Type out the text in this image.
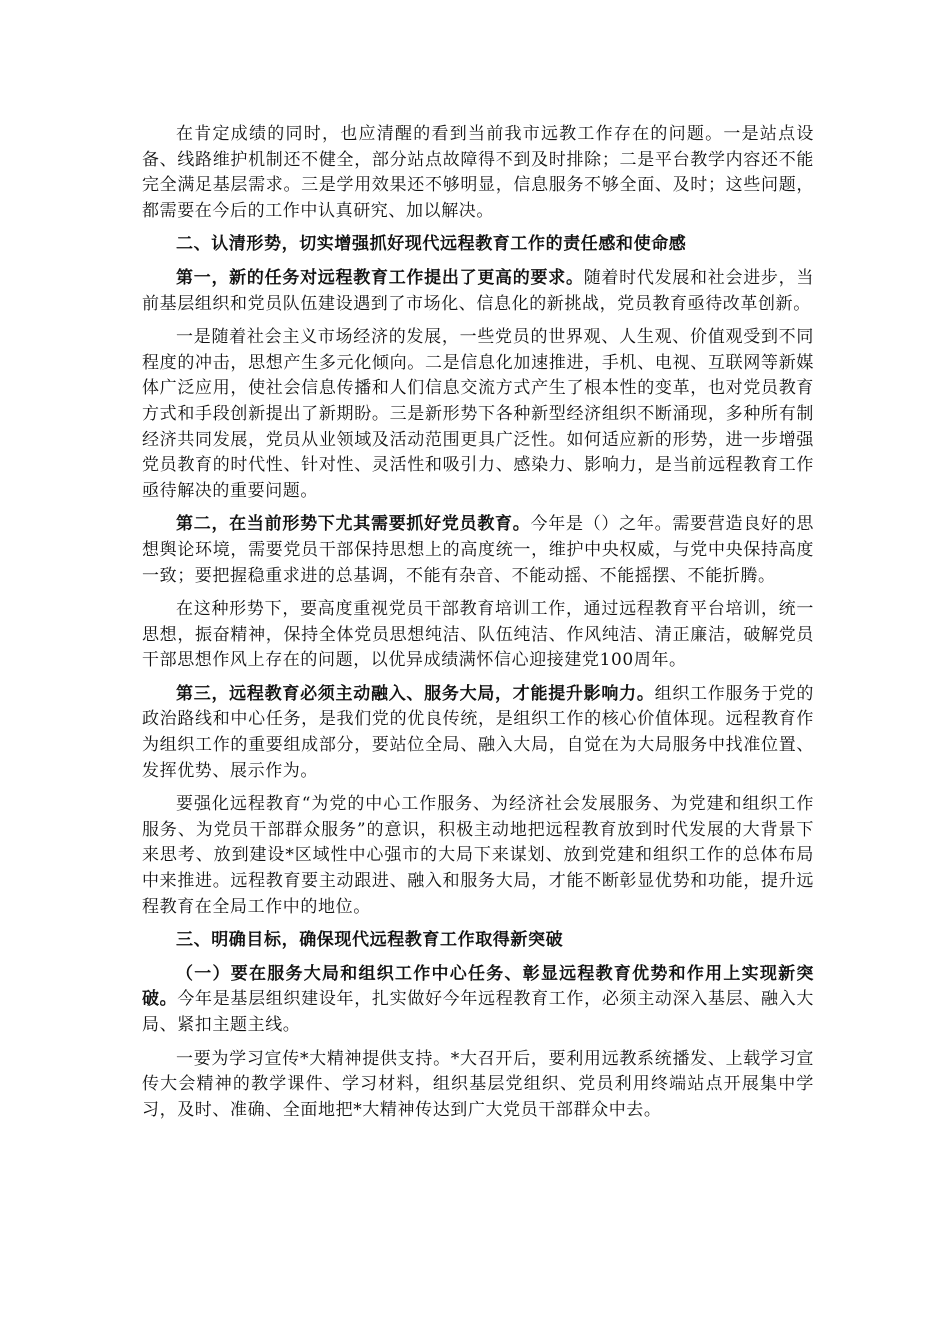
在肯定成绩的同时，也应清醒的看到当前我市远教工作存在的问题。一是站点设备、线路维护机制还不健全，部分站点故障得不到及时排除；二是平台教学内容还不能完全满足基层需求。三是学用效果还不够明显，信息服务不够全面、及时；这些问题，都需要在今后的工作中认真研究、加以解决。

二、认清形势，切实增强抓好现代远程教育工作的责任感和使命感

第一，新的任务对远程教育工作提出了更高的要求。随着时代发展和社会进步，当前基层组织和党员队伍建设遇到了市场化、信息化的新挑战，党员教育亟待改革创新。

一是随着社会主义市场经济的发展，一些党员的世界观、人生观、价值观受到不同程度的冲击，思想产生多元化倾向。二是信息化加速推进，手机、电视、互联网等新媒体广泛应用，使社会信息传播和人们信息交流方式产生了根本性的变革，也对党员教育方式和手段创新提出了新期盼。三是新形势下各种新型经济组织不断涌现，多种所有制经济共同发展，党员从业领域及活动范围更具广泛性。如何适应新的形势，进一步增强党员教育的时代性、针对性、灵活性和吸引力、感染力、影响力，是当前远程教育工作亟待解决的重要问题。

第二，在当前形势下尤其需要抓好党员教育。今年是（）之年。需要营造良好的思想舆论环境，需要党员干部保持思想上的高度统一，维护中央权威，与党中央保持高度一致；要把握稳重求进的总基调，不能有杂音、不能动摇、不能摇摆、不能折腾。

在这种形势下，要高度重视党员干部教育培训工作，通过远程教育平台培训，统一思想，振奋精神，保持全体党员思想纯洁、队伍纯洁、作风纯洁、清正廉洁，破解党员干部思想作风上存在的问题，以优异成绩满怀信心迎接建党100周年。

第三，远程教育必须主动融入、服务大局，才能提升影响力。组织工作服务于党的政治路线和中心任务，是我们党的优良传统，是组织工作的核心价值体现。远程教育作为组织工作的重要组成部分，要站位全局、融入大局，自觉在为大局服务中找准位置、发挥优势、展示作为。

要强化远程教育“为党的中心工作服务、为经济社会发展服务、为党建和组织工作服务、为党员干部群众服务”的意识，积极主动地把远程教育放到时代发展的大背景下来思考、放到建设*区域性中心强市的大局下来谋划、放到党建和组织工作的总体布局中来推进。远程教育要主动跟进、融入和服务大局，才能不断彰显优势和功能，提升远程教育在全局工作中的地位。

三、明确目标，确保现代远程教育工作取得新突破

（一）要在服务大局和组织工作中心任务、彰显远程教育优势和作用上实现新突破。今年是基层组织建设年，扎实做好今年远程教育工作，必须主动深入基层、融入大局、紧扣主题主线。

一要为学习宣传*大精神提供支持。*大召开后，要利用远教系统播发、上载学习宣传大会精神的教学课件、学习材料，组织基层党组织、党员利用终端站点开展集中学习，及时、准确、全面地把*大精神传达到广大党员干部群众中去。
